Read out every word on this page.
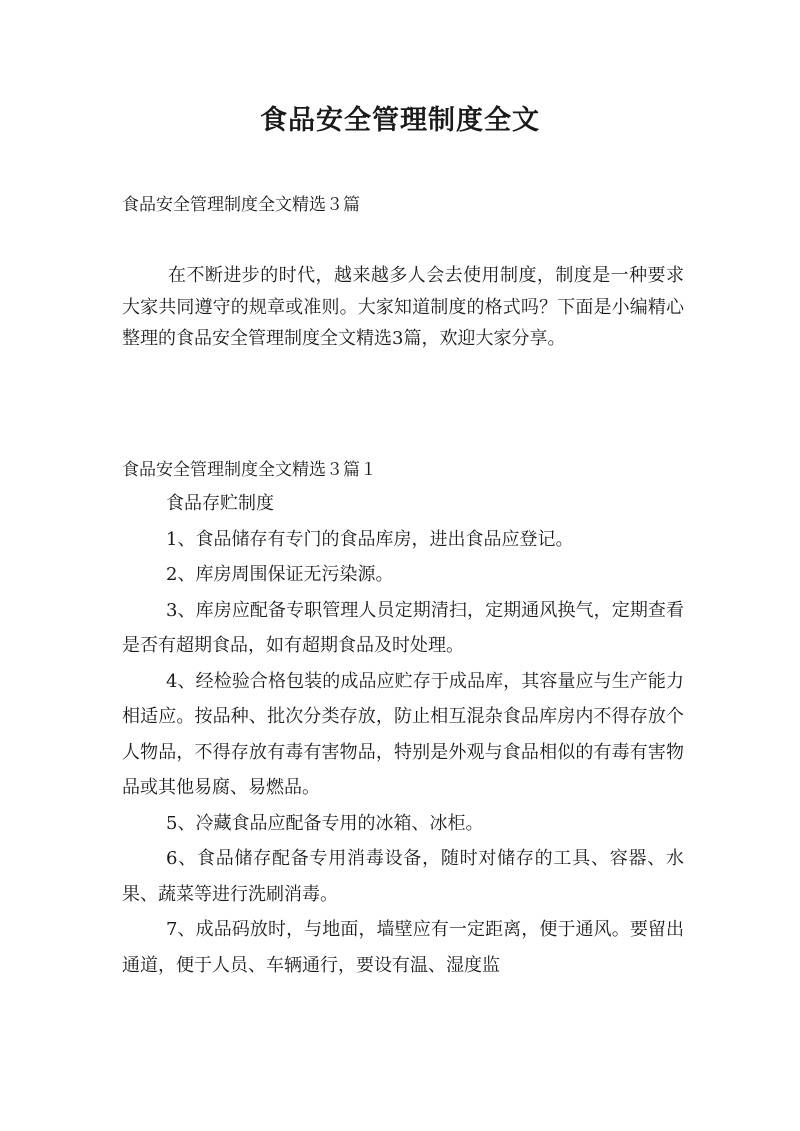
食品安全管理制度全文

食品安全管理制度全文精选３篇

在不断进步的时代，越来越多人会去使用制度，制度是一种要求大家共同遵守的规章或准则。大家知道制度的格式吗？下面是小编精心整理的食品安全管理制度全文精选3篇，欢迎大家分享。

食品安全管理制度全文精选３篇１

食品存贮制度

1、食品储存有专门的食品库房，进出食品应登记。

2、库房周围保证无污染源。

3、库房应配备专职管理人员定期清扫，定期通风换气，定期查看是否有超期食品，如有超期食品及时处理。

4、经检验合格包装的成品应贮存于成品库，其容量应与生产能力相适应。按品种、批次分类存放，防止相互混杂食品库房内不得存放个人物品，不得存放有毒有害物品，特别是外观与食品相似的有毒有害物品或其他易腐、易燃品。

5、冷藏食品应配备专用的冰箱、冰柜。

6、食品储存配备专用消毒设备，随时对储存的工具、容器、水果、蔬菜等进行洗刷消毒。

7、成品码放时，与地面，墙壁应有一定距离，便于通风。要留出通道，便于人员、车辆通行，要设有温、湿度监
